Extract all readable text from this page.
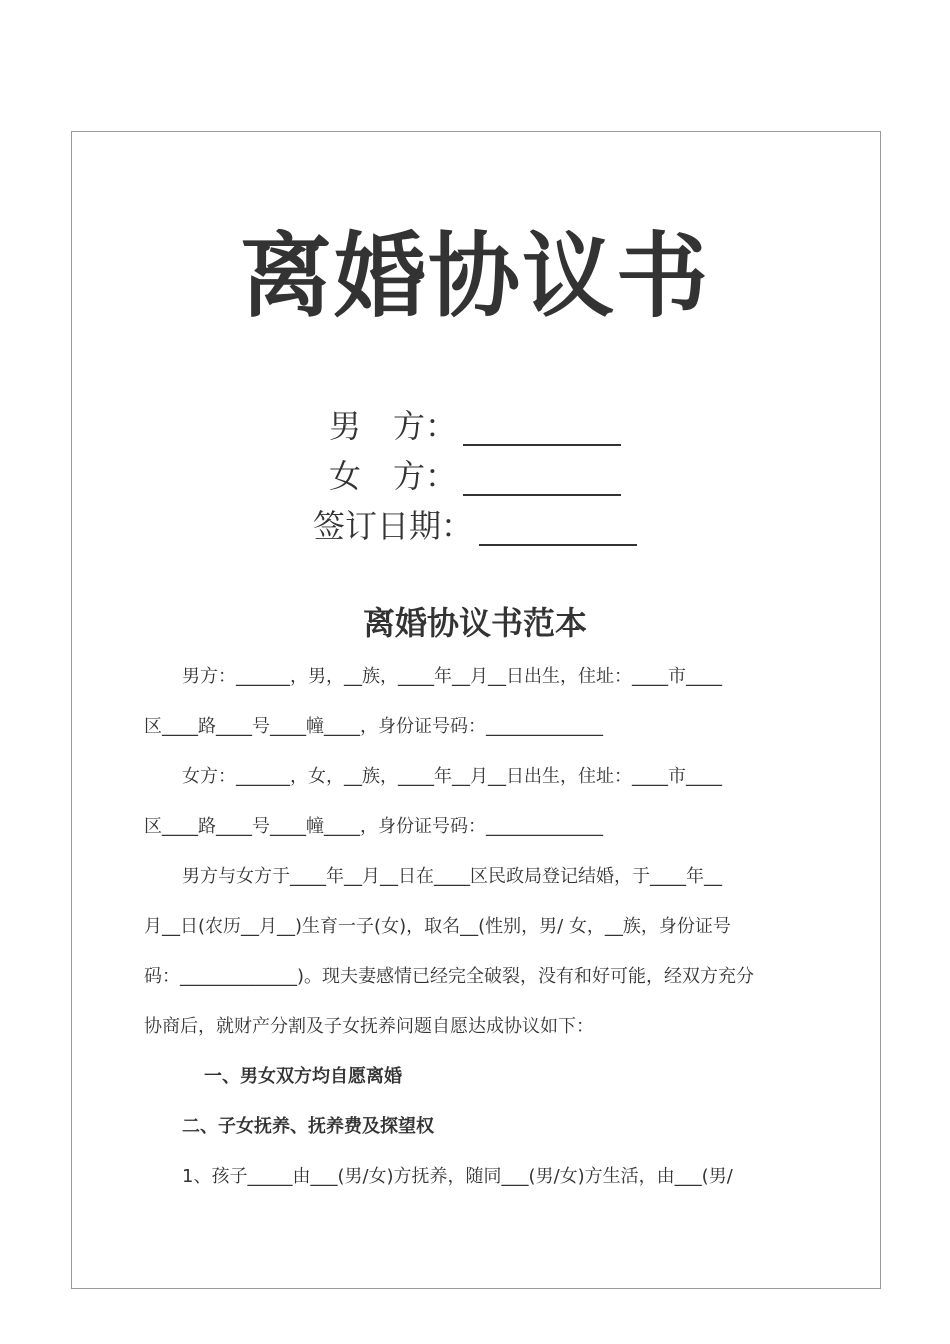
离婚协议书
男　方：
女　方：
签订日期：
离婚协议书范本

男方：______，男，__族，____年__月__日出生，住址：____市____

区____路____号____幢____，身份证号码：_____________

女方：______，女，__族，____年__月__日出生，住址：____市____

区____路____号____幢____，身份证号码：_____________

男方与女方于____年__月__日在____区民政局登记结婚，于____年__

月__日(农历__月__)生育一子(女)，取名__(性别，男/ 女，__族，身份证号

码：_____________)。现夫妻感情已经完全破裂，没有和好可能，经双方充分

协商后，就财产分割及子女抚养问题自愿达成协议如下：

一、男女双方均自愿离婚

二、子女抚养、抚养费及探望权

1、孩子_____由___(男/女)方抚养，随同___(男/女)方生活，由___(男/
